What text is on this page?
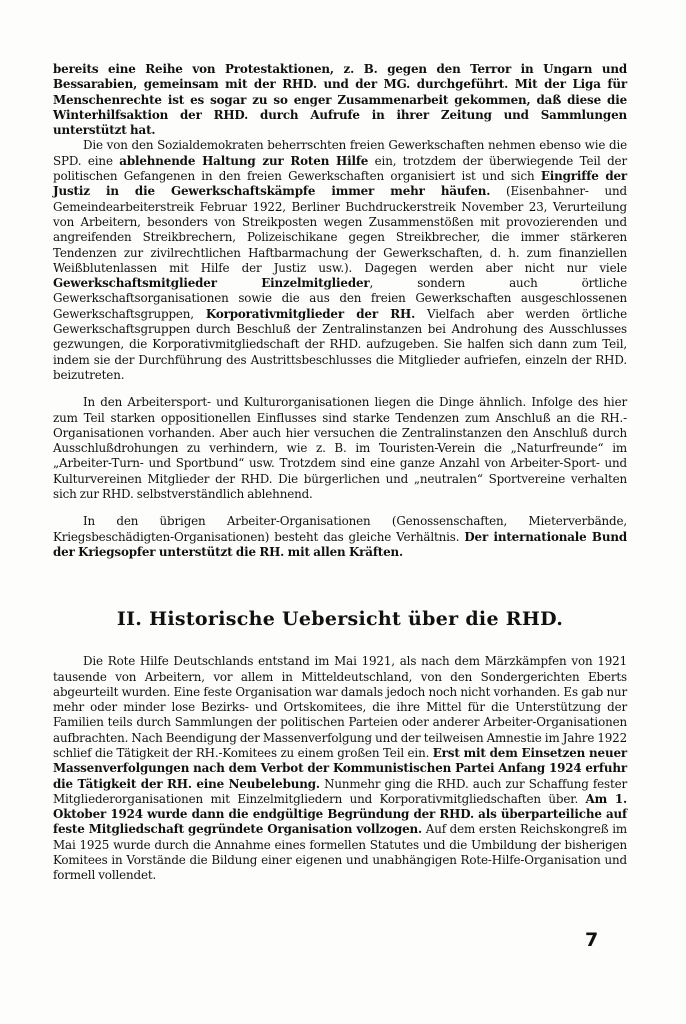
bereits eine Reihe von Protestaktionen, z. B. gegen den Terror in Ungarn und Bessarabien, gemeinsam mit der RHD. und der MG. durchgeführt. Mit der Liga für Menschenrechte ist es sogar zu so enger Zusammenarbeit gekommen, daß diese die Winterhilfsaktion der RHD. durch Aufrufe in ihrer Zeitung und Sammlungen unterstützt hat.

Die von den Sozialdemokraten beherrschten freien Gewerkschaften nehmen ebenso wie die SPD. eine ablehnende Haltung zur Roten Hilfe ein, trotzdem der überwiegende Teil der politischen Gefangenen in den freien Gewerkschaften organisiert ist und sich Eingriffe der Justiz in die Gewerkschaftskämpfe immer mehr häufen. (Eisenbahner- und Gemeindearbeiterstreik Februar 1922, Berliner Buchdruckerstreik November 23, Verurteilung von Arbeitern, besonders von Streikposten wegen Zusammenstößen mit provozierenden und angreifenden Streikbrechern, Polizeischikane gegen Streikbrecher, die immer stärkeren Tendenzen zur zivilrechtlichen Haftbarmachung der Gewerkschaften, d. h. zum finanziellen Weißblutenlassen mit Hilfe der Justiz usw.). Dagegen werden aber nicht nur viele Gewerkschaftsmitglieder Einzelmitglieder, sondern auch örtliche Gewerkschaftsorganisationen sowie die aus den freien Gewerkschaften ausgeschlossenen Gewerkschaftsgruppen, Korporativmitglieder der RH. Vielfach aber werden örtliche Gewerkschaftsgruppen durch Beschluß der Zentralinstanzen bei Androhung des Ausschlusses gezwungen, die Korporativmitgliedschaft der RHD. aufzugeben. Sie halfen sich dann zum Teil, indem sie der Durchführung des Austrittsbeschlusses die Mitglieder aufriefen, einzeln der RHD. beizutreten.

In den Arbeitersport- und Kulturorganisationen liegen die Dinge ähnlich. Infolge des hier zum Teil starken oppositionellen Einflusses sind starke Tendenzen zum Anschluß an die RH.-Organisationen vorhanden. Aber auch hier versuchen die Zentralinstanzen den Anschluß durch Ausschlußdrohungen zu verhindern, wie z. B. im Touristen-Verein die „Naturfreunde“ im „Arbeiter-Turn- und Sportbund“ usw. Trotzdem sind eine ganze Anzahl von Arbeiter-Sport- und Kulturvereinen Mitglieder der RHD. Die bürgerlichen und „neutralen“ Sportvereine verhalten sich zur RHD. selbstverständlich ablehnend.

In den übrigen Arbeiter-Organisationen (Genossenschaften, Mieterverbände, Kriegsbeschädigten-Organisationen) besteht das gleiche Verhältnis. Der internationale Bund der Kriegsopfer unterstützt die RH. mit allen Kräften.

II. Historische Uebersicht über die RHD.

Die Rote Hilfe Deutschlands entstand im Mai 1921, als nach dem Märzkämpfen von 1921 tausende von Arbeitern, vor allem in Mitteldeutschland, von den Sondergerichten Eberts abgeurteilt wurden. Eine feste Organisation war damals jedoch noch nicht vorhanden. Es gab nur mehr oder minder lose Bezirks- und Ortskomitees, die ihre Mittel für die Unterstützung der Familien teils durch Sammlungen der politischen Parteien oder anderer Arbeiter-Organisationen aufbrachten. Nach Beendigung der Massenverfolgung und der teilweisen Amnestie im Jahre 1922 schlief die Tätigkeit der RH.-Komitees zu einem großen Teil ein. Erst mit dem Einsetzen neuer Massenverfolgungen nach dem Verbot der Kommunistischen Partei Anfang 1924 erfuhr die Tätigkeit der RH. eine Neubelebung. Nunmehr ging die RHD. auch zur Schaffung fester Mitgliederorganisationen mit Einzelmitgliedern und Korporativmitgliedschaften über. Am 1. Oktober 1924 wurde dann die endgültige Begründung der RHD. als überparteiliche auf feste Mitgliedschaft gegründete Organisation vollzogen. Auf dem ersten Reichskongreß im Mai 1925 wurde durch die Annahme eines formellen Statutes und die Umbildung der bisherigen Komitees in Vorstände die Bildung einer eigenen und unabhängigen Rote-Hilfe-Organisation und formell vollendet.

7
